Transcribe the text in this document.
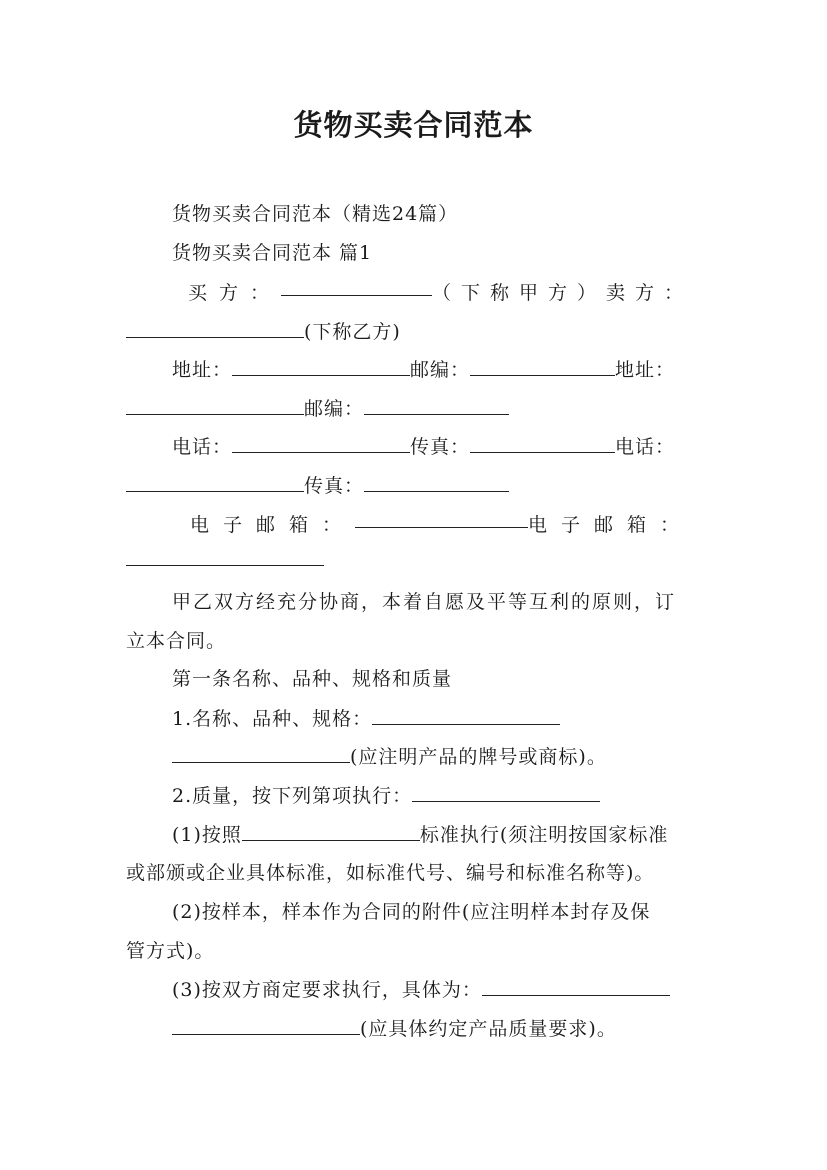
货物买卖合同范本

货物买卖合同范本（精选24篇）

货物买卖合同范本 篇1

买方：	（下称甲方）卖方：
(下称乙方)
地址：	邮编：	地址：
邮编：
电话：	传真：	电话：
传真：
电子邮箱：	电子邮箱：

甲乙双方经充分协商，本着自愿及平等互利的原则，订

立本合同。

第一条名称、品种、规格和质量

1.名称、品种、规格：
(应注明产品的牌号或商标)。
2.质量，按下列第项执行：
(1)按照	标准执行(须注明按国家标准

或部颁或企业具体标准，如标准代号、编号和标准名称等)。

(2)按样本，样本作为合同的附件(应注明样本封存及保

管方式)。

(3)按双方商定要求执行，具体为：
(应具体约定产品质量要求)。
